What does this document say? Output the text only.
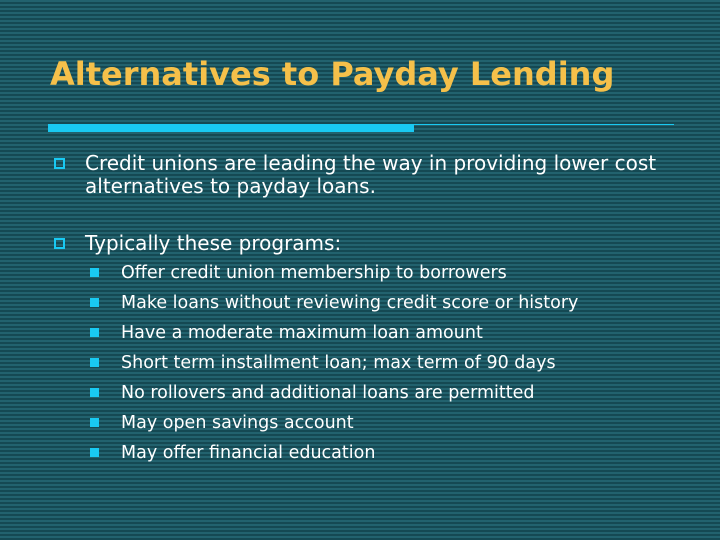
Alternatives to Payday Lending
Credit unions are leading the way in providing lower cost alternatives to payday loans.
Typically these programs:
Offer credit union membership to borrowers
Make loans without reviewing credit score or history
Have a moderate maximum loan amount
Short term installment loan; max term of 90 days
No rollovers and additional loans are permitted
May open savings account
May offer financial education
